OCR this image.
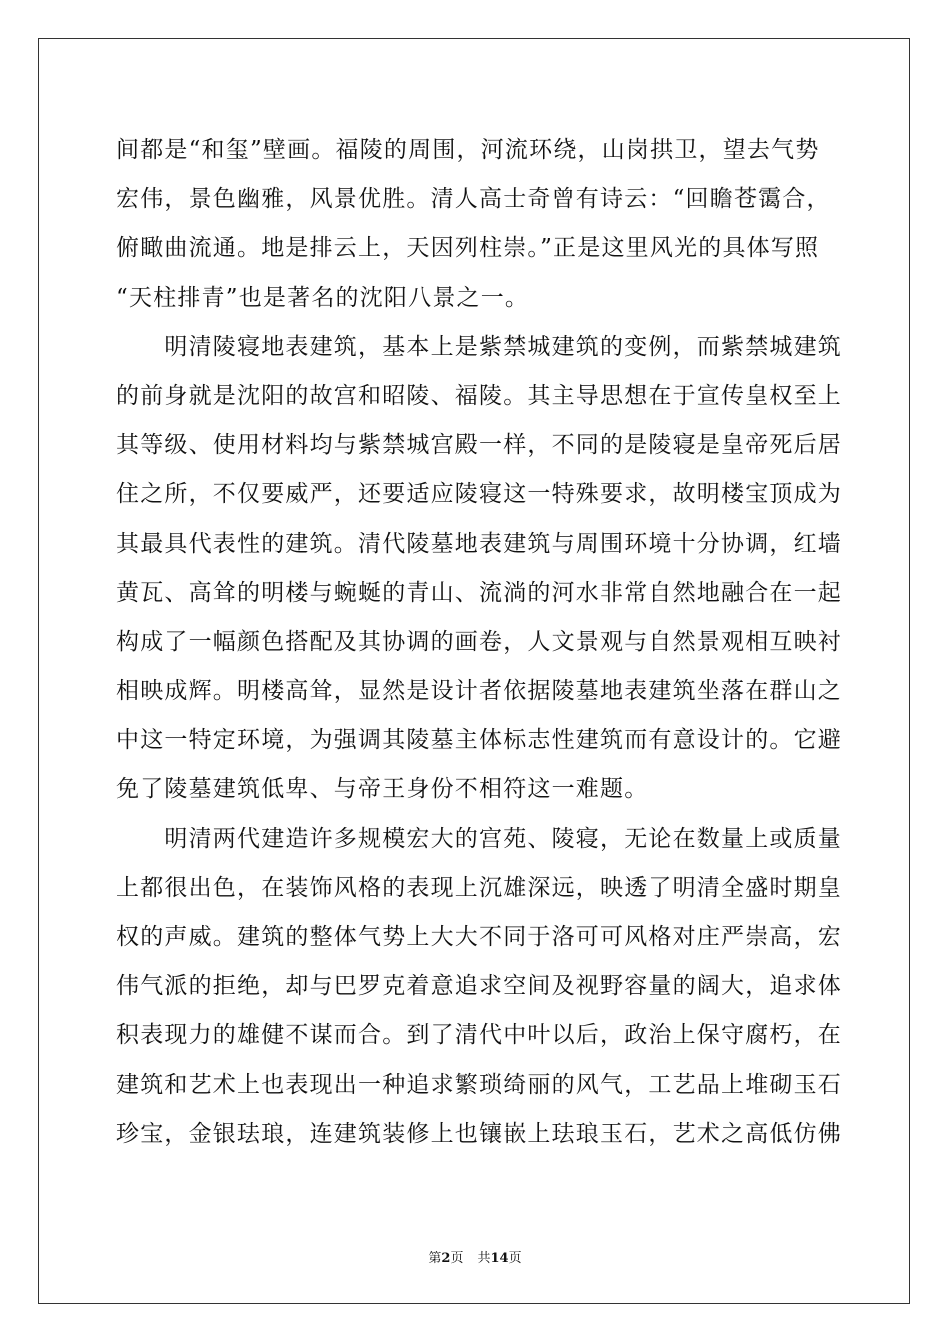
间都是“和玺”壁画。福陵的周围，河流环绕，山岗拱卫，望去气势
宏伟，景色幽雅，风景优胜。清人高士奇曾有诗云：“回瞻苍霭合，
俯瞰曲流通。地是排云上，天因列柱崇。”正是这里风光的具体写照
“天柱排青”也是著名的沈阳八景之一。
　　明清陵寝地表建筑，基本上是紫禁城建筑的变例，而紫禁城建筑
的前身就是沈阳的故宫和昭陵、福陵。其主导思想在于宣传皇权至上
其等级、使用材料均与紫禁城宫殿一样，不同的是陵寝是皇帝死后居
住之所，不仅要威严，还要适应陵寝这一特殊要求，故明楼宝顶成为
其最具代表性的建筑。清代陵墓地表建筑与周围环境十分协调，红墙
黄瓦、高耸的明楼与蜿蜒的青山、流淌的河水非常自然地融合在一起
构成了一幅颜色搭配及其协调的画卷，人文景观与自然景观相互映衬
相映成辉。明楼高耸，显然是设计者依据陵墓地表建筑坐落在群山之
中这一特定环境，为强调其陵墓主体标志性建筑而有意设计的。它避
免了陵墓建筑低卑、与帝王身份不相符这一难题。
　　明清两代建造许多规模宏大的宫苑、陵寝，无论在数量上或质量
上都很出色，在装饰风格的表现上沉雄深远，映透了明清全盛时期皇
权的声威。建筑的整体气势上大大不同于洛可可风格对庄严崇高，宏
伟气派的拒绝，却与巴罗克着意追求空间及视野容量的阔大，追求体
积表现力的雄健不谋而合。到了清代中叶以后，政治上保守腐朽，在
建筑和艺术上也表现出一种追求繁琐绮丽的风气，工艺品上堆砌玉石
珍宝，金银珐琅，连建筑装修上也镶嵌上珐琅玉石，艺术之高低仿佛
第2页 共14页
